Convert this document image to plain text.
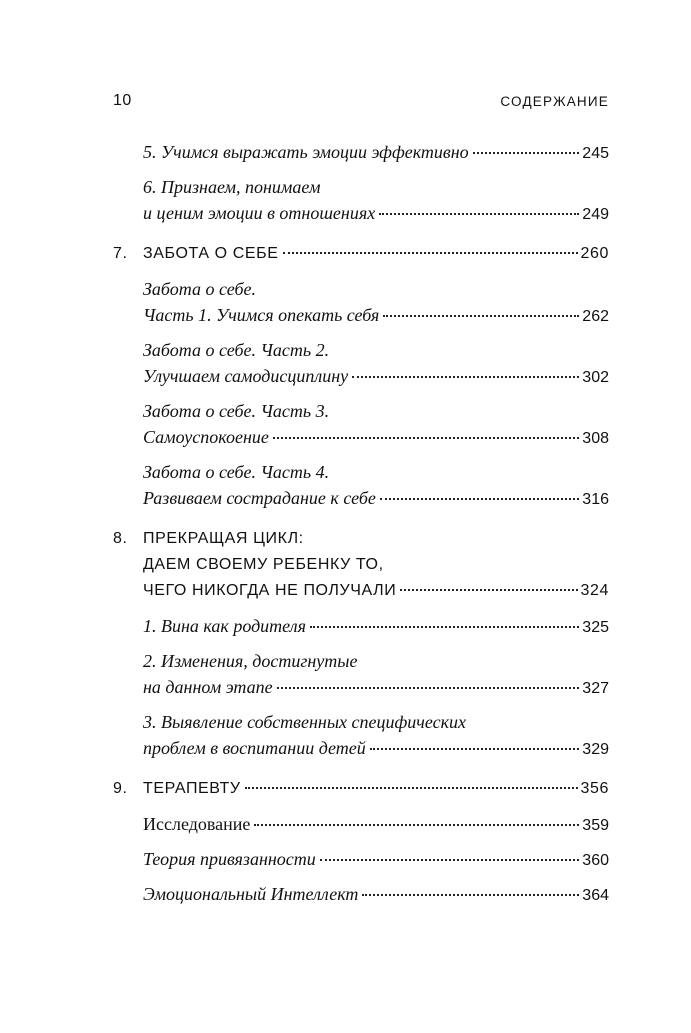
10	СОДЕРЖАНИЕ
5. Учимся выражать эмоции эффективно	245
6. Признаем, понимаем
и ценим эмоции в отношениях	249
7. ЗАБОТА О СЕБЕ	260
Забота о себе.
Часть 1. Учимся опекать себя	262
Забота о себе. Часть 2.
Улучшаем самодисциплину	302
Забота о себе. Часть 3.
Самоуспокоение	308
Забота о себе. Часть 4.
Развиваем сострадание к себе	316
8. ПРЕКРАЩАЯ ЦИКЛ:
ДАЕМ СВОЕМУ РЕБЕНКУ ТО,
ЧЕГО НИКОГДА НЕ ПОЛУЧАЛИ	324
1. Вина как родителя	325
2. Изменения, достигнутые
на данном этапе	327
3. Выявление собственных специфических
проблем в воспитании детей	329
9. ТЕРАПЕВТУ	356
Исследование	359
Теория привязанности	360
Эмоциональный Интеллект	364
